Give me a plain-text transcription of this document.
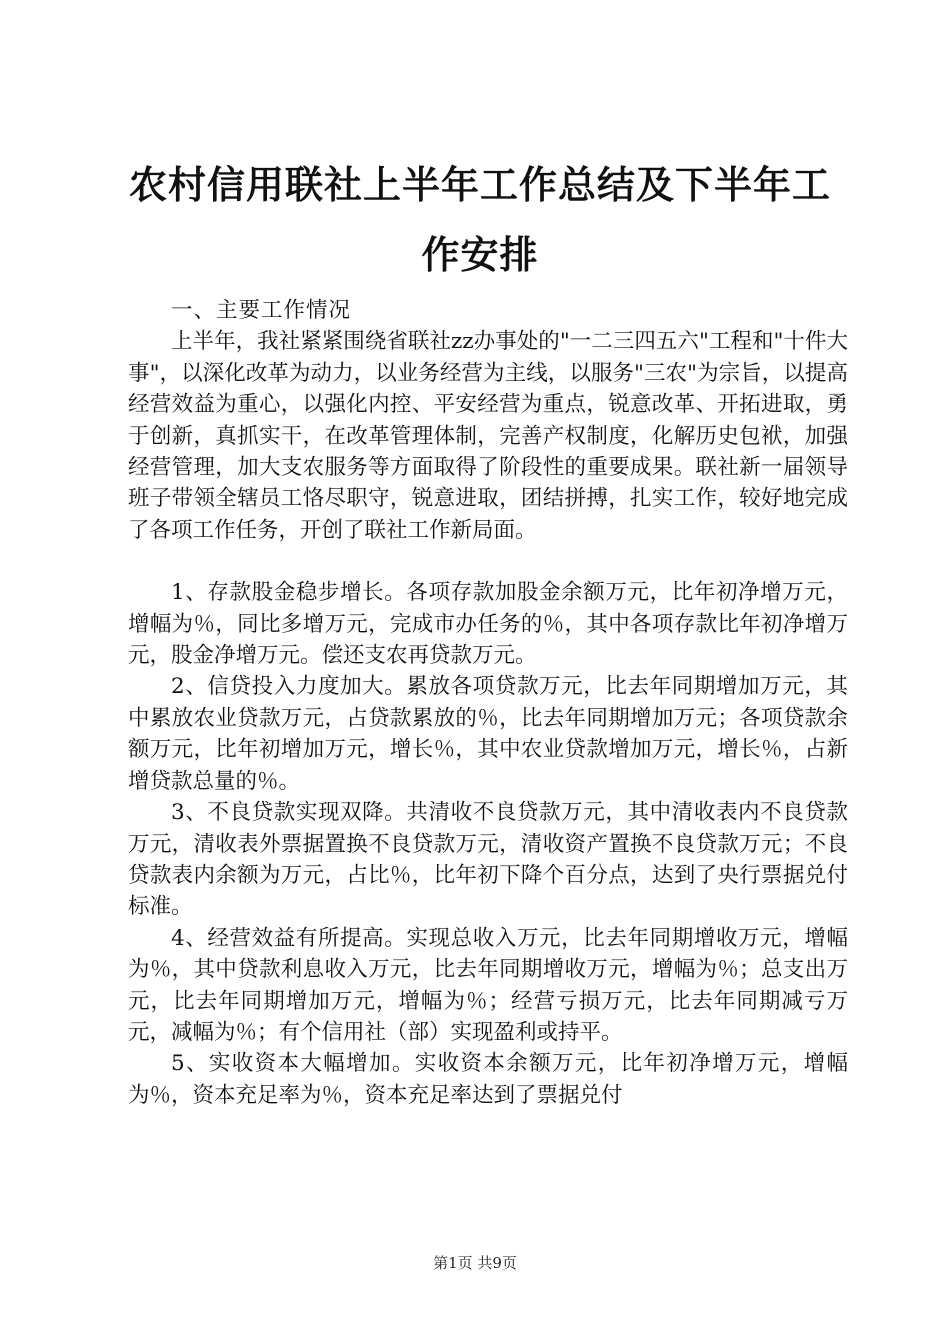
农村信用联社上半年工作总结及下半年工作安排

一、主要工作情况

上半年，我社紧紧围绕省联社zz办事处的"一二三四五六"工程和"十件大事"，以深化改革为动力，以业务经营为主线，以服务"三农"为宗旨，以提高经营效益为重心，以强化内控、平安经营为重点，锐意改革、开拓进取，勇于创新，真抓实干，在改革管理体制，完善产权制度，化解历史包袱，加强经营管理，加大支农服务等方面取得了阶段性的重要成果。联社新一届领导班子带领全辖员工恪尽职守，锐意进取，团结拼搏，扎实工作，较好地完成了各项工作任务，开创了联社工作新局面。

1、存款股金稳步增长。各项存款加股金余额万元，比年初净增万元，增幅为％，同比多增万元，完成市办任务的％，其中各项存款比年初净增万元，股金净增万元。偿还支农再贷款万元。

2、信贷投入力度加大。累放各项贷款万元，比去年同期增加万元，其中累放农业贷款万元，占贷款累放的％，比去年同期增加万元；各项贷款余额万元，比年初增加万元，增长％，其中农业贷款增加万元，增长％，占新增贷款总量的％。

3、不良贷款实现双降。共清收不良贷款万元，其中清收表内不良贷款万元，清收表外票据置换不良贷款万元，清收资产置换不良贷款万元；不良贷款表内余额为万元，占比％，比年初下降个百分点，达到了央行票据兑付标准。

4、经营效益有所提高。实现总收入万元，比去年同期增收万元，增幅为％，其中贷款利息收入万元，比去年同期增收万元，增幅为％；总支出万元，比去年同期增加万元，增幅为％；经营亏损万元，比去年同期减亏万元，减幅为％；有个信用社（部）实现盈利或持平。

5、实收资本大幅增加。实收资本余额万元，比年初净增万元，增幅为％，资本充足率为％，资本充足率达到了票据兑付

第1页 共9页
